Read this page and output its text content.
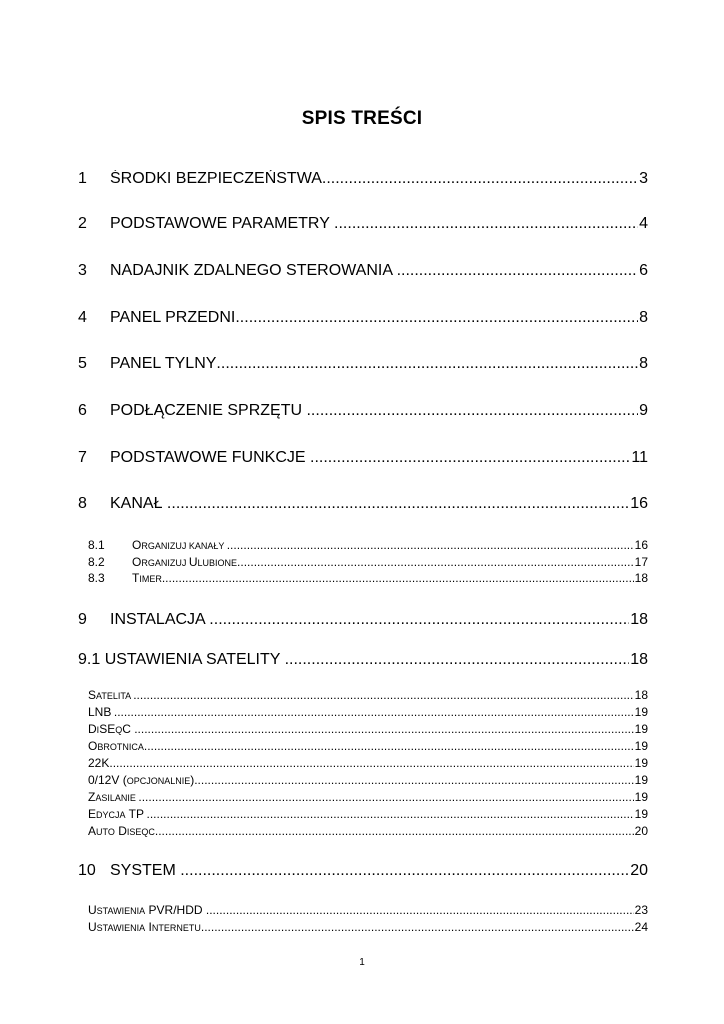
SPIS TREŚCI
1	ŚRODKI BEZPIECZEŃSTWA .....	3
2	PODSTAWOWE PARAMETRY .....	4
3	NADAJNIK ZDALNEGO STEROWANIA .....	6
4	PANEL PRZEDNI .....	8
5	PANEL TYLNY .....	8
6	PODŁĄCZENIE SPRZĘTU .....	9
7	PODSTAWOWE FUNKCJE .....	11
8	KANAŁ .....	16
8.1	ORGANIZUJ KANAŁY .....	16
8.2	ORGANIZUJ ULUBIONE .....	17
8.3	TIMER .....	18
9	INSTALACJA .....	18
9.1 USTAWIENIA SATELITY .....	18
SATELITA .....	18
LNB .....	19
DISEQC .....	19
OBROTNICA .....	19
22K .....	19
0/12V (OPCJONALNIE) .....	19
ZASILANIE .....	19
EDYCJA TP .....	19
AUTO DISEQC .....	20
10 SYSTEM .....	20
USTAWIENIA PVR/HDD .....	23
USTAWIENIA INTERNETU .....	24
1
